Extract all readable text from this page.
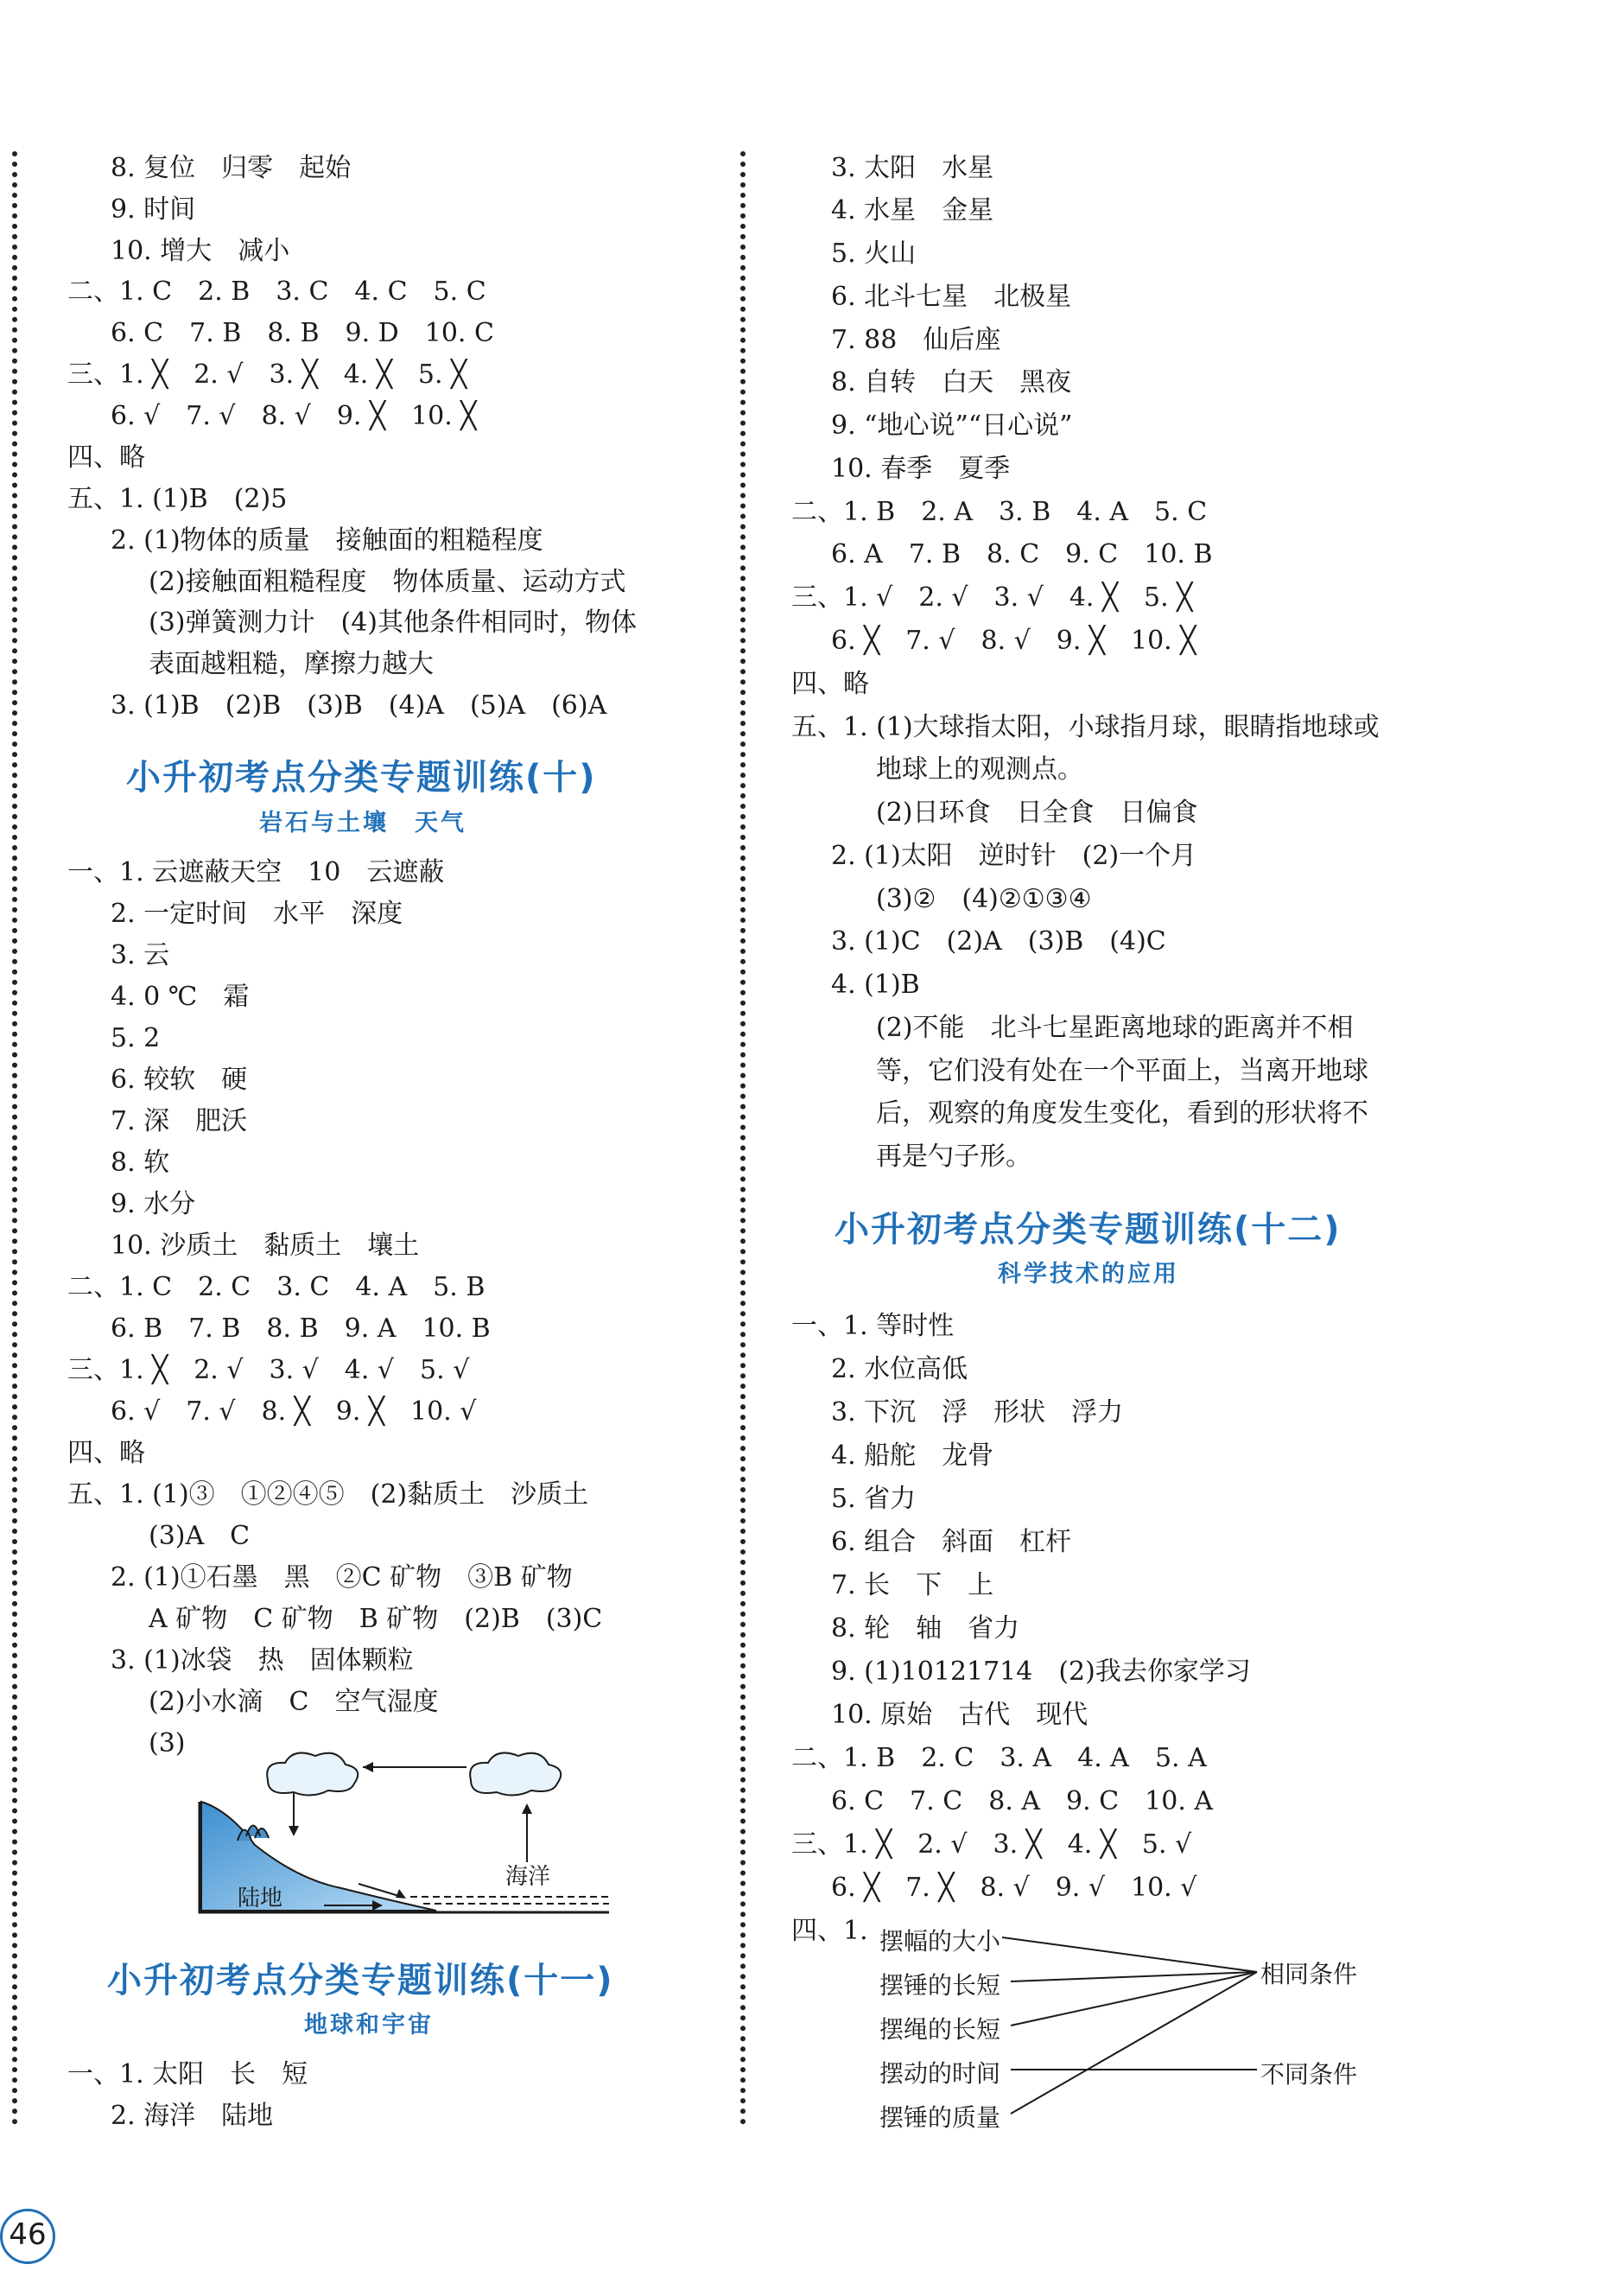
8. 复位　归零　起始
9. 时间
10. 增大　减小
二、1. C　2. B　3. C　4. C　5. C
6. C　7. B　8. B　9. D　10. C
三、1. ╳　2. √　3. ╳　4. ╳　5. ╳
6. √　7. √　8. √　9. ╳　10. ╳
四、略
五、1. (1)B　(2)5
2. (1)物体的质量　接触面的粗糙程度
(2)接触面粗糙程度　物体质量、运动方式
(3)弹簧测力计　(4)其他条件相同时，物体
表面越粗糙，摩擦力越大
3. (1)B　(2)B　(3)B　(4)A　(5)A　(6)A
小升初考点分类专题训练(十)
岩石与土壤　天气
一、1. 云遮蔽天空　10　云遮蔽
2. 一定时间　水平　深度
3. 云
4. 0 ℃　霜
5. 2
6. 较软　硬
7. 深　肥沃
8. 软
9. 水分
10. 沙质土　黏质土　壤土
二、1. C　2. C　3. C　4. A　5. B
6. B　7. B　8. B　9. A　10. B
三、1. ╳　2. √　3. √　4. √　5. √
6. √　7. √　8. ╳　9. ╳　10. √
四、略
五、1. (1)③　①②④⑤　(2)黏质土　沙质土
(3)A　C
2. (1)①石墨　黑　②C 矿物　③B 矿物
A 矿物　C 矿物　B 矿物　(2)B　(3)C
3. (1)冰袋　热　固体颗粒
(2)小水滴　C　空气湿度
(3)
陆地
海洋
小升初考点分类专题训练(十一)
地球和宇宙
一、1. 太阳　长　短
2. 海洋　陆地
3. 太阳　水星
4. 水星　金星
5. 火山
6. 北斗七星　北极星
7. 88　仙后座
8. 自转　白天　黑夜
9. “地心说”“日心说”
10. 春季　夏季
二、1. B　2. A　3. B　4. A　5. C
6. A　7. B　8. C　9. C　10. B
三、1. √　2. √　3. √　4. ╳　5. ╳
6. ╳　7. √　8. √　9. ╳　10. ╳
四、略
五、1. (1)大球指太阳，小球指月球，眼睛指地球或
地球上的观测点。
(2)日环食　日全食　日偏食
2. (1)太阳　逆时针　(2)一个月
(3)②　(4)②①③④
3. (1)C　(2)A　(3)B　(4)C
4. (1)B
(2)不能　北斗七星距离地球的距离并不相
等，它们没有处在一个平面上，当离开地球
后，观察的角度发生变化，看到的形状将不
再是勺子形。
小升初考点分类专题训练(十二)
科学技术的应用
一、1. 等时性
2. 水位高低
3. 下沉　浮　形状　浮力
4. 船舵　龙骨
5. 省力
6. 组合　斜面　杠杆
7. 长　下　上
8. 轮　轴　省力
9. (1)10121714　(2)我去你家学习
10. 原始　古代　现代
二、1. B　2. C　3. A　4. A　5. A
6. C　7. C　8. A　9. C　10. A
三、1. ╳　2. √　3. ╳　4. ╳　5. √
6. ╳　7. ╳　8. √　9. √　10. √
四、1. 摆幅的大小
摆锤的长短
摆绳的长短
摆动的时间
摆锤的质量
相同条件
不同条件
46
